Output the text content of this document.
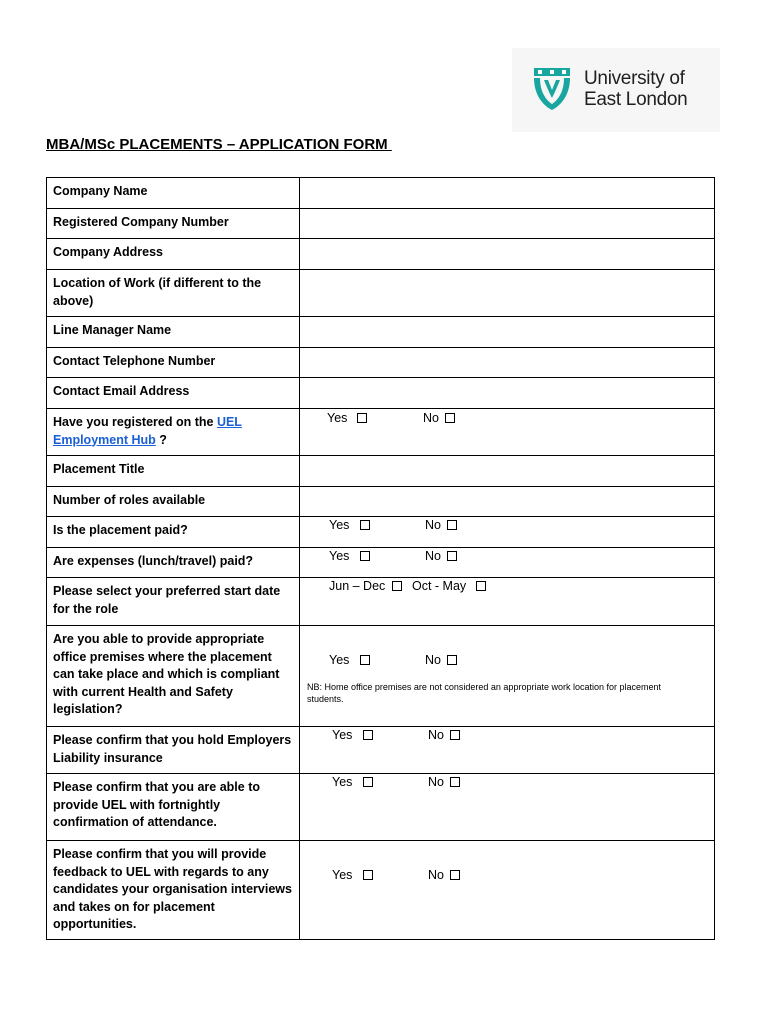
University of
East London
MBA/MSc PLACEMENTS – APPLICATION FORM
Company Name	
Registered Company Number	
Company Address	
Location of Work (if different to the above)	
Line Manager Name	
Contact Telephone Number	
Contact Email Address	
Have you registered on the UEL Employment Hub ?	Yes No

Placement Title	
Number of roles available	
Is the placement paid?	Yes No

Are expenses (lunch/travel) paid?	Yes No

Please select your preferred start date for the role	Jun – Dec Oct - May

Are you able to provide appropriate office premises where the placement can take place and which is compliant with current Health and Safety legislation?	Yes No
NB: Home office premises are not considered an appropriate work location for placement students.

Please confirm that you hold Employers Liability insurance	Yes No

Please confirm that you are able to provide UEL with fortnightly confirmation of attendance.	Yes No

Please confirm that you will provide feedback to UEL with regards to any candidates your organisation interviews and takes on for placement opportunities.	Yes No
